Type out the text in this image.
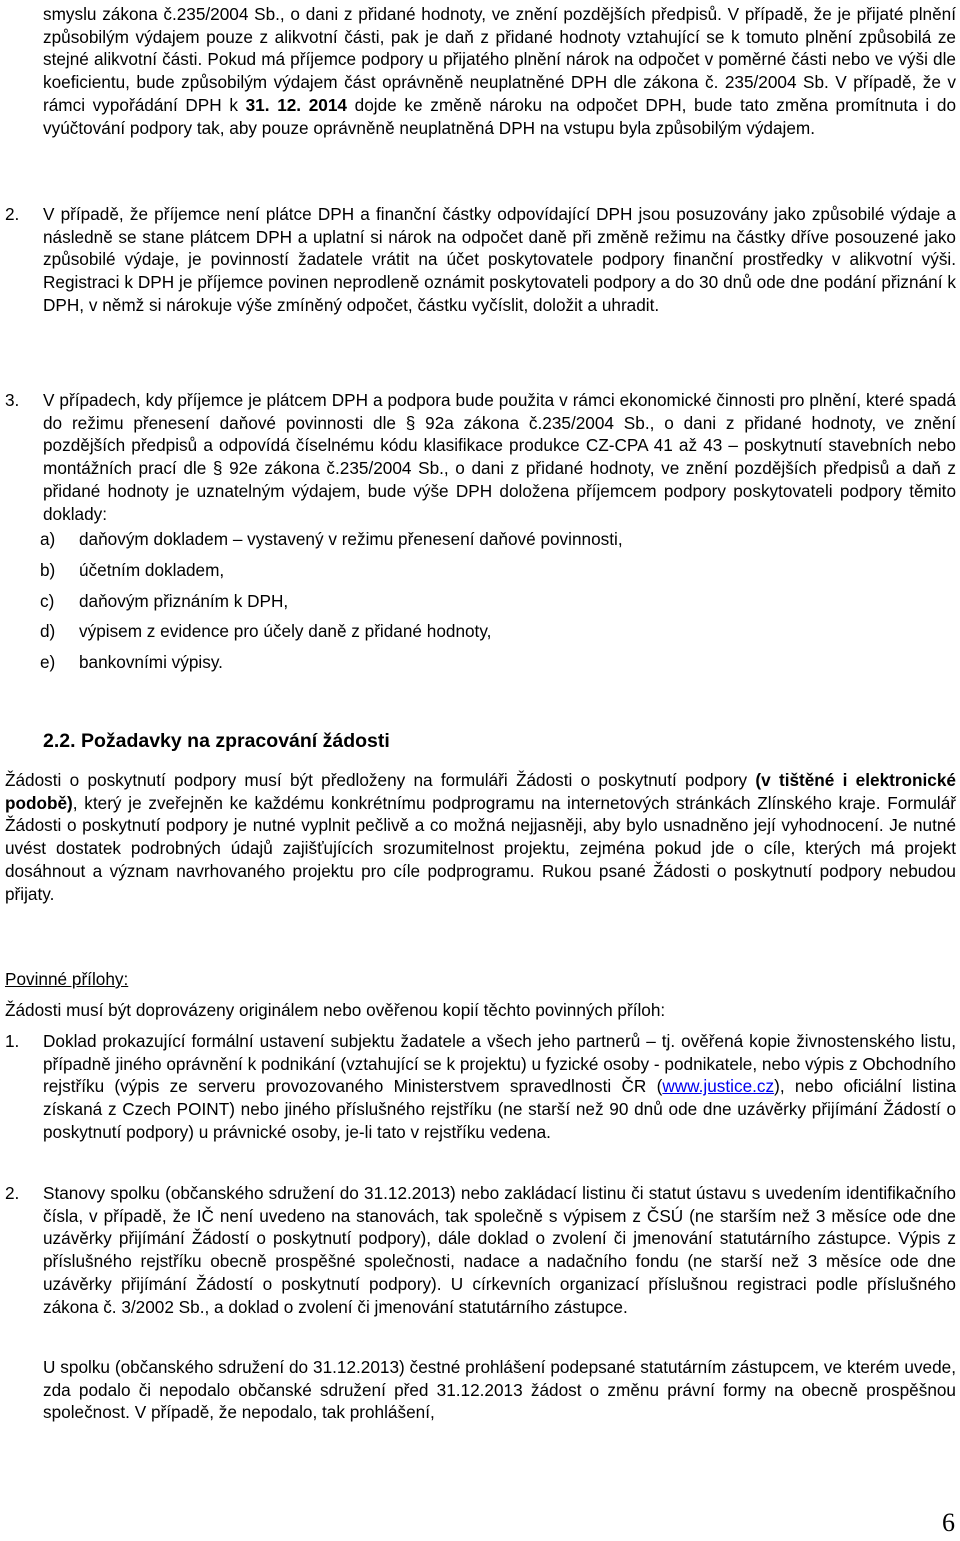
smyslu zákona č.235/2004 Sb., o dani z přidané hodnoty, ve znění pozdějších předpisů. V případě, že je přijaté plnění způsobilým výdajem pouze z alikvotní části, pak je daň z přidané hodnoty vztahující se k tomuto plnění způsobilá ze stejné alikvotní části. Pokud má příjemce podpory u přijatého plnění nárok na odpočet v poměrné části nebo ve výši dle koeficientu, bude způsobilým výdajem část oprávněně neuplatněné DPH dle zákona č. 235/2004 Sb. V případě, že v rámci vypořádání DPH k 31. 12. 2014 dojde ke změně nároku na odpočet DPH, bude tato změna promítnuta i do vyúčtování podpory tak, aby pouze oprávněně neuplatněná DPH na vstupu byla způsobilým výdajem.

2. V případě, že příjemce není plátce DPH a finanční částky odpovídající DPH jsou posuzovány jako způsobilé výdaje a následně se stane plátcem DPH a uplatní si nárok na odpočet daně při změně režimu na částky dříve posouzené jako způsobilé výdaje, je povinností žadatele vrátit na účet poskytovatele podpory finanční prostředky v alikvotní výši. Registraci k DPH je příjemce povinen neprodleně oznámit poskytovateli podpory a do 30 dnů ode dne podání přiznání k DPH, v němž si nárokuje výše zmíněný odpočet, částku vyčíslit, doložit a uhradit.

3. V případech, kdy příjemce je plátcem DPH a podpora bude použita v rámci ekonomické činnosti pro plnění, které spadá do režimu přenesení daňové povinnosti dle § 92a zákona č.235/2004 Sb., o dani z přidané hodnoty, ve znění pozdějších předpisů a odpovídá číselnému kódu klasifikace produkce CZ-CPA 41 až 43 – poskytnutí stavebních nebo montážních prací dle § 92e zákona č.235/2004 Sb., o dani z přidané hodnoty, ve znění pozdějších předpisů a daň z přidané hodnoty je uznatelným výdajem, bude výše DPH doložena příjemcem podpory poskytovateli podpory těmito doklady:

a) daňovým dokladem – vystavený v režimu přenesení daňové povinnosti,
b) účetním dokladem,
c) daňovým přiznáním k DPH,
d) výpisem z evidence pro účely daně z přidané hodnoty,
e) bankovními výpisy.
2.2. Požadavky na zpracování žádosti

Žádosti o poskytnutí podpory musí být předloženy na formuláři Žádosti o poskytnutí podpory (v tištěné i elektronické podobě), který je zveřejněn ke každému konkrétnímu podprogramu na internetových stránkách Zlínského kraje. Formulář Žádosti o poskytnutí podpory je nutné vyplnit pečlivě a co možná nejjasněji, aby bylo usnadněno její vyhodnocení. Je nutné uvést dostatek podrobných údajů zajišťujících srozumitelnost projektu, zejména pokud jde o cíle, kterých má projekt dosáhnout a význam navrhovaného projektu pro cíle podprogramu. Rukou psané Žádosti o poskytnutí podpory nebudou přijaty.

Povinné přílohy:
Žádosti musí být doprovázeny originálem nebo ověřenou kopií těchto povinných příloh:
1. Doklad prokazující formální ustavení subjektu žadatele a všech jeho partnerů – tj. ověřená kopie živnostenského listu, případně jiného oprávnění k podnikání (vztahující se k projektu) u fyzické osoby - podnikatele, nebo výpis z Obchodního rejstříku (výpis ze serveru provozovaného Ministerstvem spravedlnosti ČR (www.justice.cz), nebo oficiální listina získaná z Czech POINT) nebo jiného příslušného rejstříku (ne starší než 90 dnů ode dne uzávěrky přijímání Žádostí o poskytnutí podpory) u právnické osoby, je-li tato v rejstříku vedena.

2. Stanovy spolku (občanského sdružení do 31.12.2013) nebo zakládací listinu či statut ústavu s uvedením identifikačního čísla, v případě, že IČ není uvedeno na stanovách, tak společně s výpisem z ČSÚ (ne starším než 3 měsíce ode dne uzávěrky přijímání Žádostí o poskytnutí podpory), dále doklad o zvolení či jmenování statutárního zástupce. Výpis z příslušného rejstříku obecně prospěšné společnosti, nadace a nadačního fondu (ne starší než 3 měsíce ode dne uzávěrky přijímání Žádostí o poskytnutí podpory). U církevních organizací příslušnou registraci podle příslušného zákona č. 3/2002 Sb., a doklad o zvolení či jmenování statutárního zástupce.

U spolku (občanského sdružení do 31.12.2013) čestné prohlášení podepsané statutárním zástupcem, ve kterém uvede, zda podalo či nepodalo občanské sdružení před 31.12.2013 žádost o změnu právní formy na obecně prospěšnou společnost. V případě, že nepodalo, tak prohlášení,

6
